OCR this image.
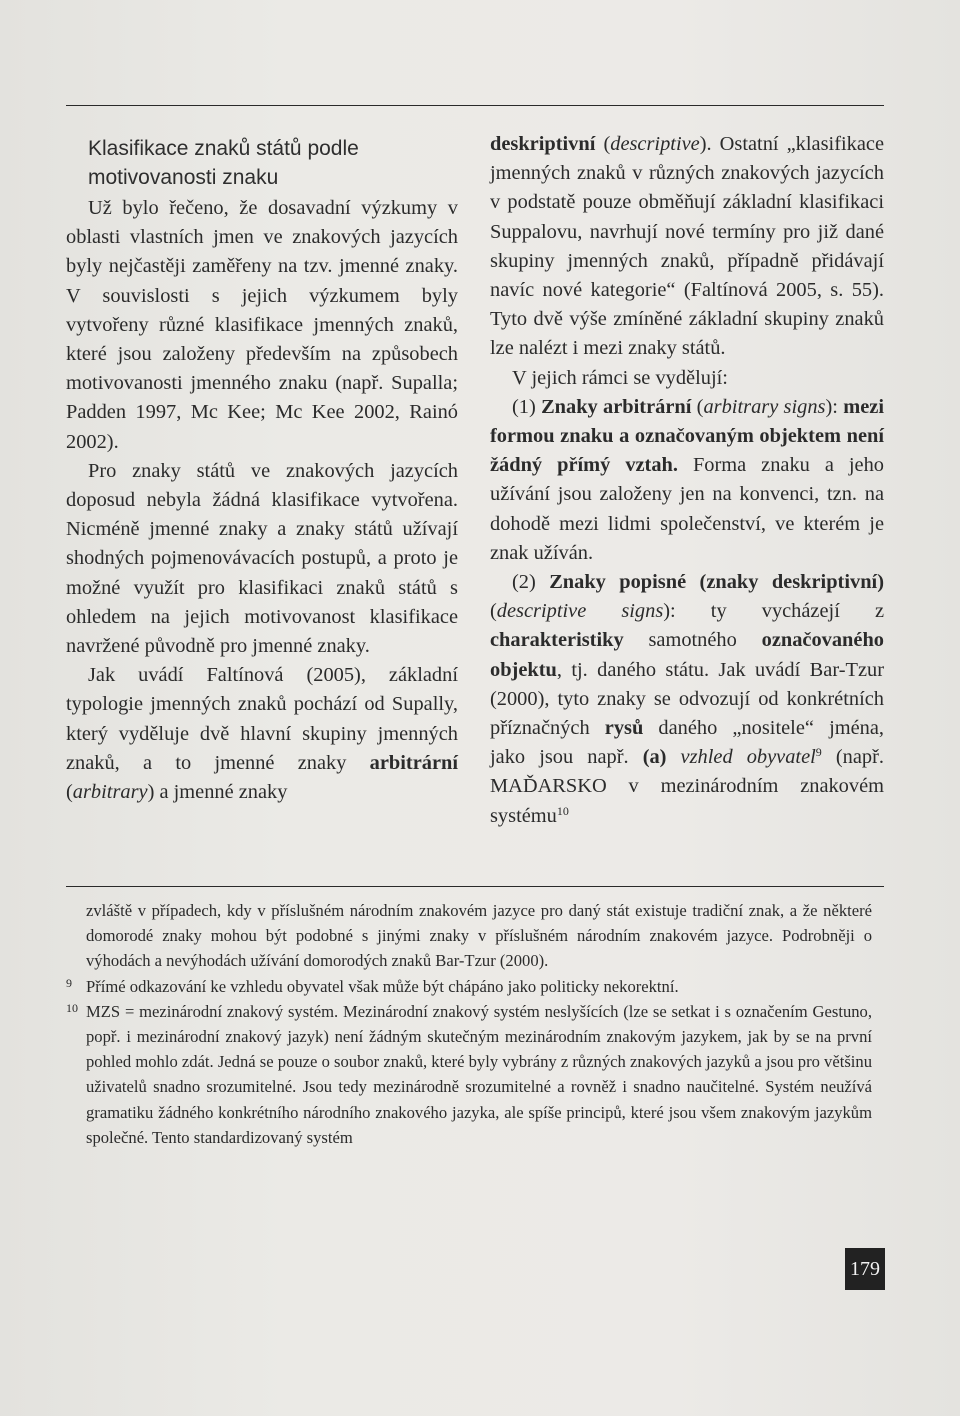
Klasifikace znaků států podle
motivovanosti znaku

Už bylo řečeno, že dosavadní výzkumy v oblasti vlastních jmen ve znakových jazycích byly nejčastěji zaměřeny na tzv. jmenné znaky. V souvislosti s jejich výzkumem byly vytvořeny různé klasifikace jmenných znaků, které jsou založeny především na způsobech motivovanosti jmenného znaku (např. Supalla; Padden 1997, Mc Kee; Mc Kee 2002, Rainó 2002).

Pro znaky států ve znakových jazycích doposud nebyla žádná klasifikace vytvořena. Nicméně jmenné znaky a znaky států užívají shodných pojmenovávacích postupů, a proto je možné využít pro klasifikaci znaků států s ohledem na jejich motivovanost klasifikace navržené původně pro jmenné znaky.

Jak uvádí Faltínová (2005), základní typologie jmenných znaků pochází od Supally, který vyděluje dvě hlavní skupiny jmenných znaků, a to jmenné znaky arbitrární (arbitrary) a jmenné znaky

deskriptivní (descriptive). Ostatní „klasifikace jmenných znaků v různých znakových jazycích v podstatě pouze obměňují základní klasifikaci Suppalovu, navrhují nové termíny pro již dané skupiny jmenných znaků, případně přidávají navíc nové kategorie“ (Faltínová 2005, s. 55). Tyto dvě výše zmíněné základní skupiny znaků lze nalézt i mezi znaky států.

V jejich rámci se vydělují:

(1) Znaky arbitrární (arbitrary signs): mezi formou znaku a označovaným objektem není žádný přímý vztah. Forma znaku a jeho užívání jsou založeny jen na konvenci, tzn. na dohodě mezi lidmi společenství, ve kterém je znak užíván.

(2) Znaky popisné (znaky deskriptivní) (descriptive signs): ty vycházejí z charakteristiky samotného označovaného objektu, tj. daného státu. Jak uvádí Bar-Tzur (2000), tyto znaky se odvozují od konkrétních příznačných rysů daného „nositele“ jména, jako jsou např. (a) vzhled obyvatel$^9$ (např. MAĎARSKO v mezinárodním znakovém systému$^{10}$

zvláště v případech, kdy v příslušném národním znakovém jazyce pro daný stát existuje tradiční znak, a že některé domorodé znaky mohou být podobné s jinými znaky v příslušném národním znakovém jazyce. Podrobněji o výhodách a nevýhodách užívání domorodých znaků Bar-Tzur (2000).

9 Přímé odkazování ke vzhledu obyvatel však může být chápáno jako politicky nekorektní.

10 MZS = mezinárodní znakový systém. Mezinárodní znakový systém neslyšících (lze se setkat i s označením Gestuno, popř. i mezinárodní znakový jazyk) není žádným skutečným mezinárodním znakovým jazykem, jak by se na první pohled mohlo zdát. Jedná se pouze o soubor znaků, které byly vybrány z různých znakových jazyků a jsou pro většinu uživatelů snadno srozumitelné. Jsou tedy mezinárodně srozumitelné a rovněž i snadno naučitelné. Systém neužívá gramatiku žádného konkrétního národního znakového jazyka, ale spíše principů, které jsou všem znakovým jazykům společné. Tento standardizovaný systém

179
